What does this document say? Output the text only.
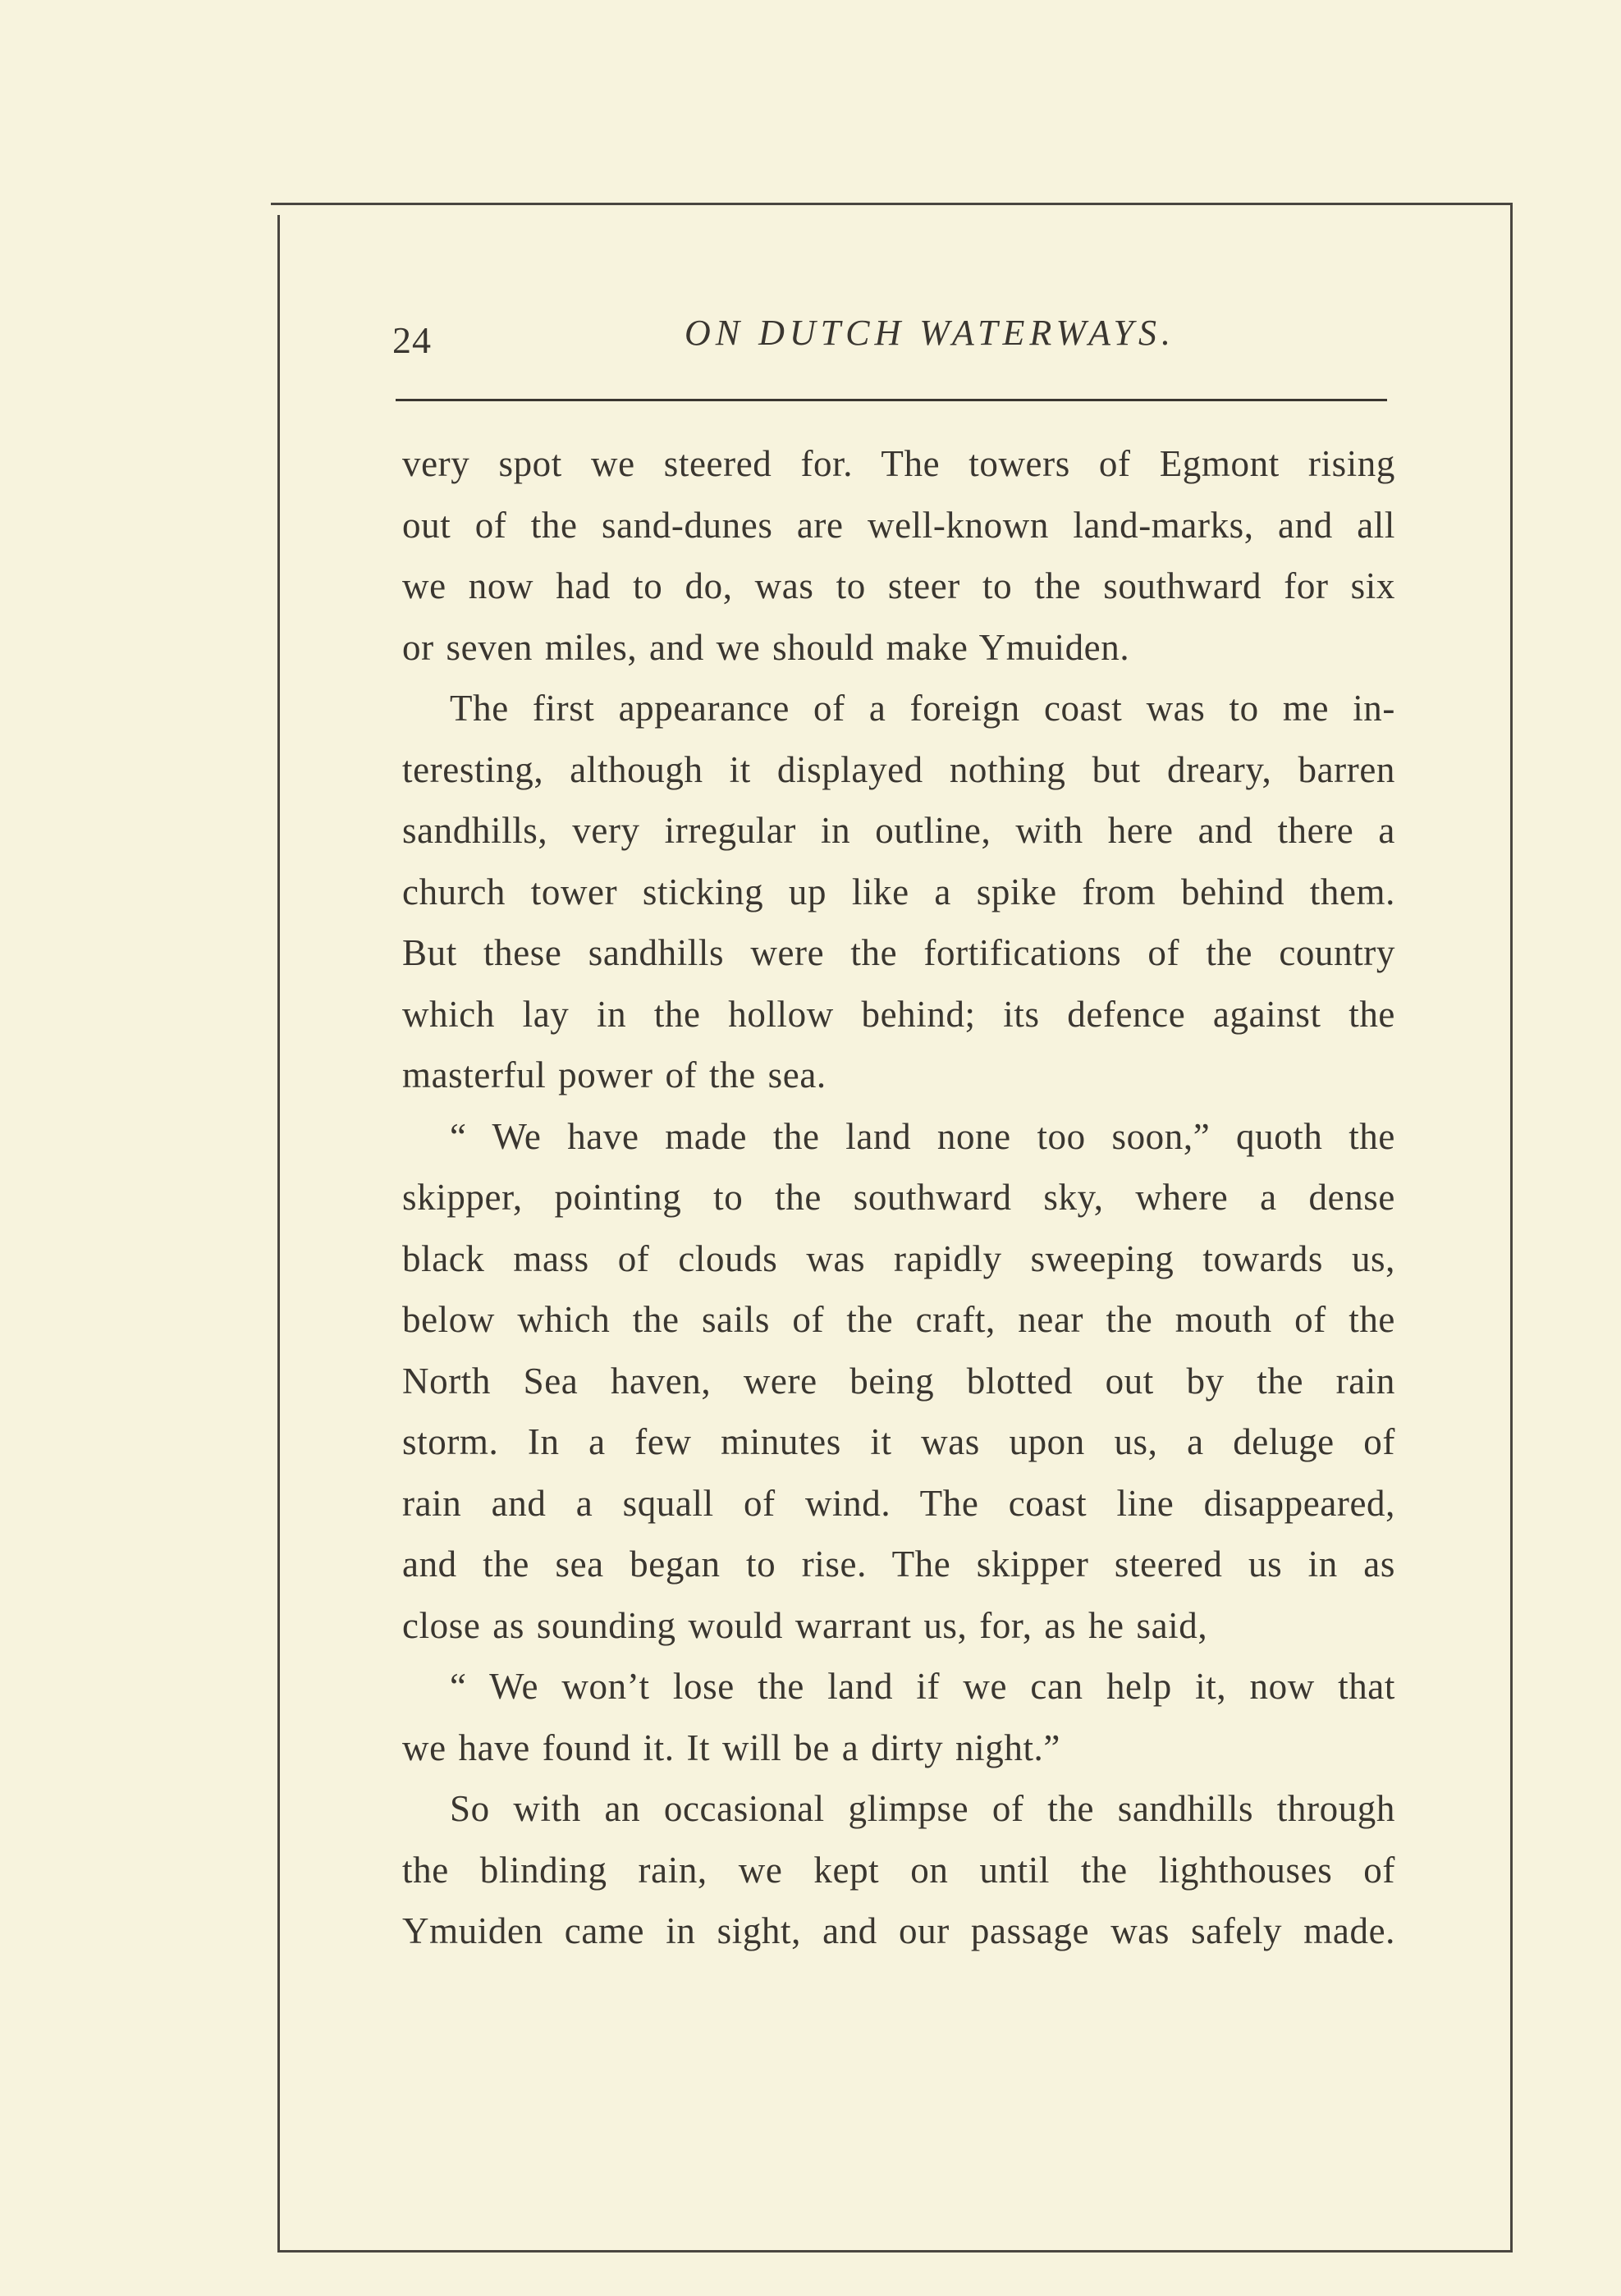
24	ON DUTCH WATERWAYS.

very spot we steered for. The towers of Egmont rising
out of the sand-dunes are well-known land-marks, and all
we now had to do, was to steer to the southward for six
or seven miles, and we should make Ymuiden.

The first appearance of a foreign coast was to me in-
teresting, although it displayed nothing but dreary, barren
sandhills, very irregular in outline, with here and there a
church tower sticking up like a spike from behind them.
But these sandhills were the fortifications of the country
which lay in the hollow behind; its defence against the
masterful power of the sea.

“ We have made the land none too soon,” quoth the
skipper, pointing to the southward sky, where a dense
black mass of clouds was rapidly sweeping towards us,
below which the sails of the craft, near the mouth of the
North Sea haven, were being blotted out by the rain
storm. In a few minutes it was upon us, a deluge of
rain and a squall of wind. The coast line disappeared,
and the sea began to rise. The skipper steered us in as
close as sounding would warrant us, for, as he said,

“ We won’t lose the land if we can help it, now that
we have found it. It will be a dirty night.”

So with an occasional glimpse of the sandhills through
the blinding rain, we kept on until the lighthouses of
Ymuiden came in sight, and our passage was safely made.
